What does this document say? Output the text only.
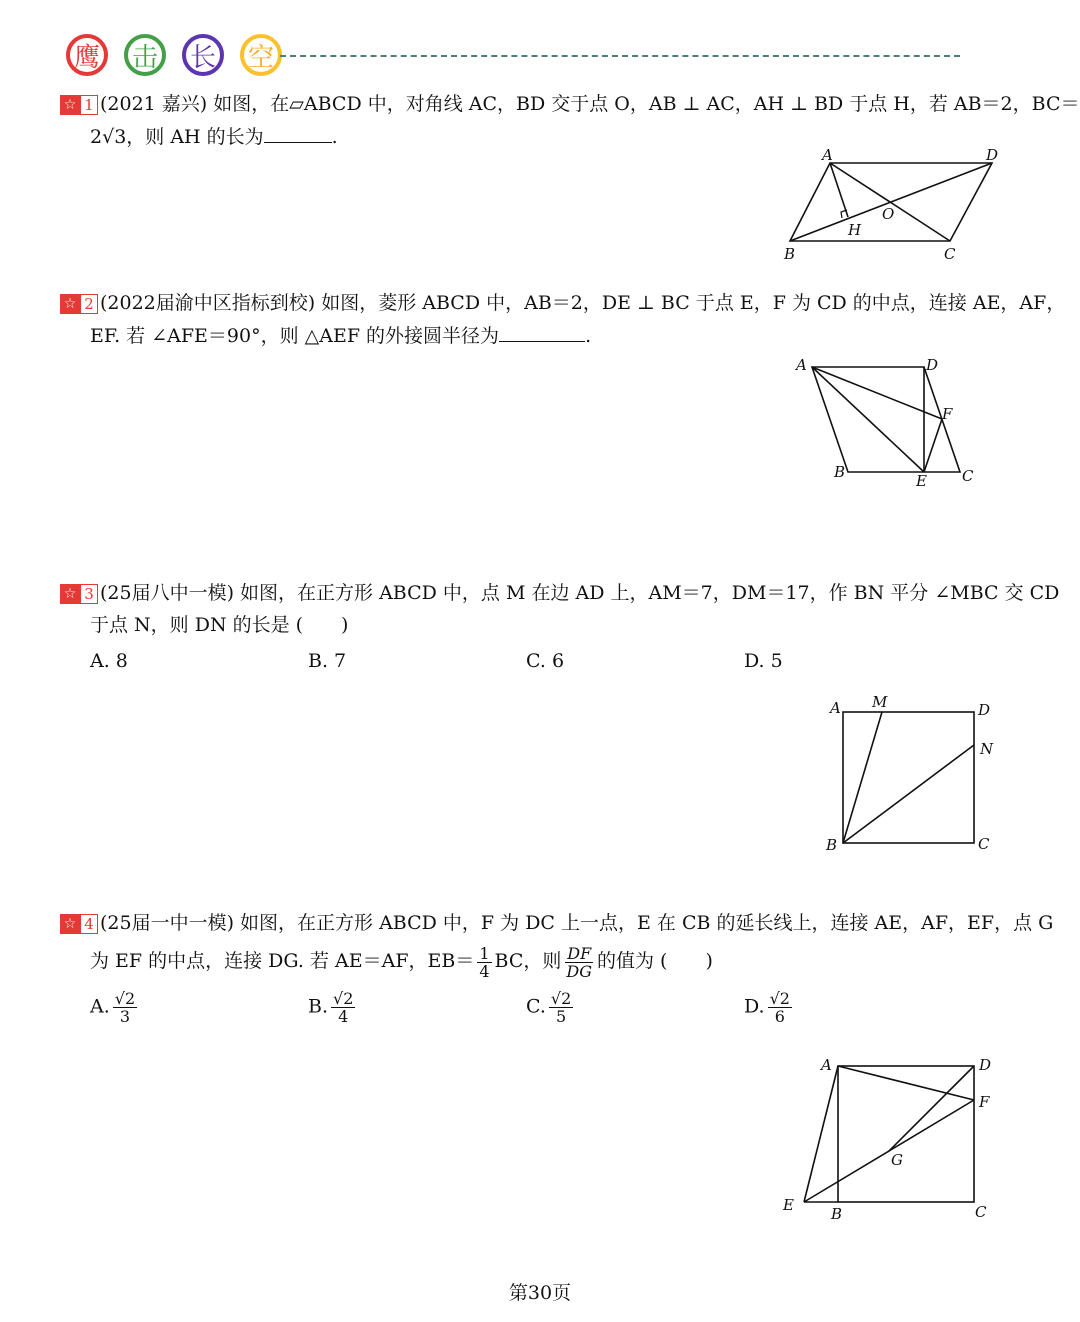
鹰	击	长	空
☆ 1 (2021 嘉兴) 如图，在▱ABCD 中，对角线 AC，BD 交于点 O，AB ⊥ AC，AH ⊥ BD 于点 H，若 AB＝2，BC＝
2√3，则 AH 的长为	.
A	D
B	C
O
H
☆ 2 (2022届渝中区指标到校) 如图，菱形 ABCD 中，AB＝2，DE ⊥ BC 于点 E，F 为 CD 的中点，连接 AE，AF，
EF. 若 ∠AFE＝90°，则 △AEF 的外接圆半径为	.
A	D
F
B	E C
☆ 3 (25届八中一模) 如图，在正方形 ABCD 中，点 M 在边 AD 上，AM＝7，DM＝17，作 BN 平分 ∠MBC 交 CD
于点 N，则 DN 的长是 (　　)
A. 8	B. 7	C. 6	D. 5
A M	D
N
B	C
☆ 4 (25届一中一模) 如图，在正方形 ABCD 中，F 为 DC 上一点，E 在 CB 的延长线上，连接 AE，AF，EF，点 G
为 EF 的中点，连接 DG. 若 AE＝AF，$EB= \frac{1}{4}$ BC，则 $\frac{DF}{DG}$ 的值为 (　　)
A. $\frac{√2}{3}$	B. $\frac{√2}{4}$	C. $\frac{√2}{5}$	D. $\frac{√2}{6}$
A	D
F
G
E B	C
第30页
